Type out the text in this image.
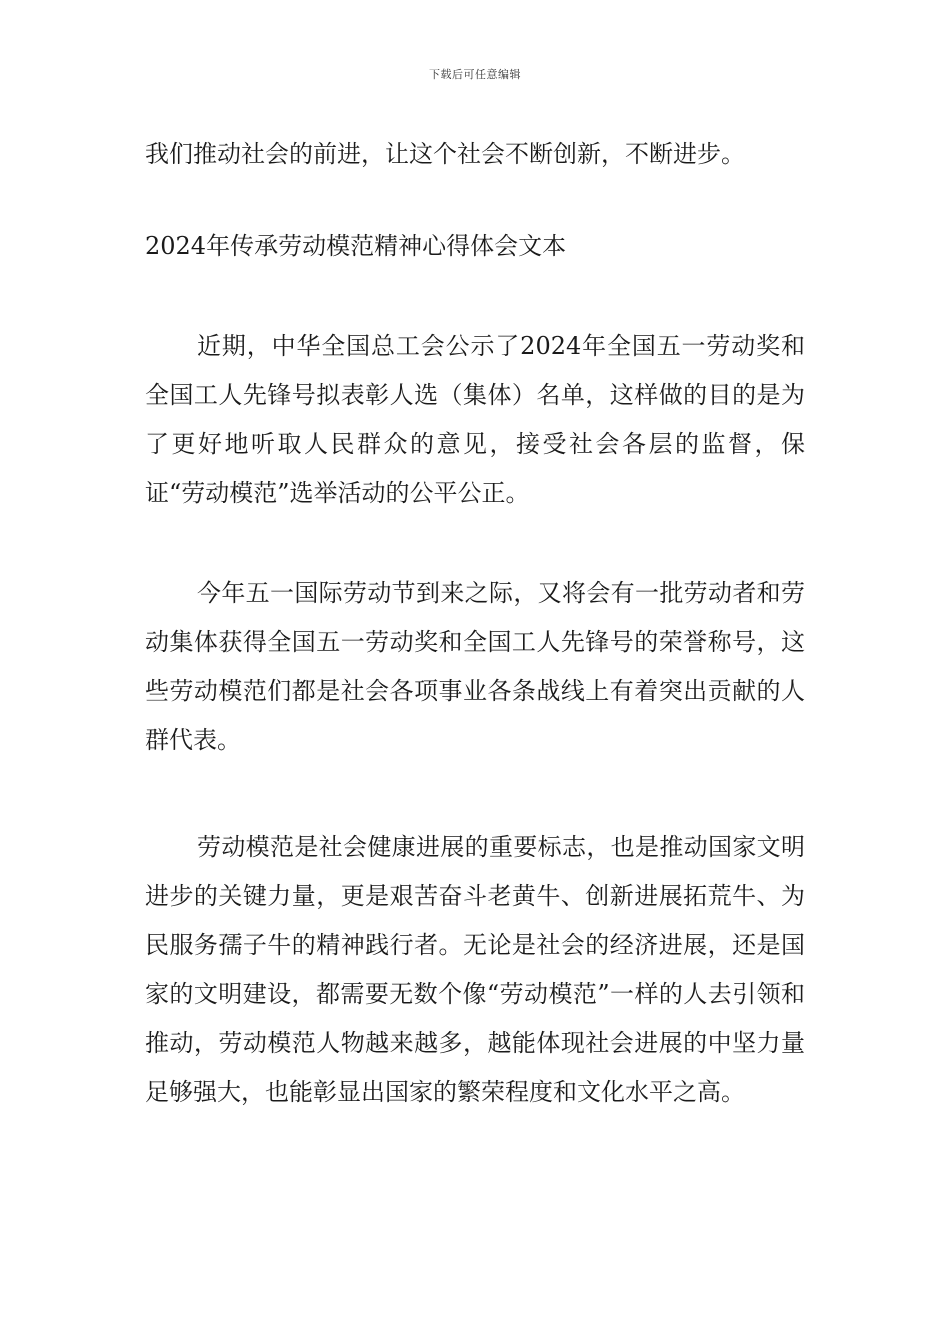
下载后可任意编辑

我们推动社会的前进，让这个社会不断创新，不断进步。

2024年传承劳动模范精神心得体会文本

近期，中华全国总工会公示了2024年全国五一劳动奖和全国工人先锋号拟表彰人选（集体）名单，这样做的目的是为了更好地听取人民群众的意见，接受社会各层的监督，保证“劳动模范”选举活动的公平公正。

今年五一国际劳动节到来之际，又将会有一批劳动者和劳动集体获得全国五一劳动奖和全国工人先锋号的荣誉称号，这些劳动模范们都是社会各项事业各条战线上有着突出贡献的人群代表。

劳动模范是社会健康进展的重要标志，也是推动国家文明进步的关键力量，更是艰苦奋斗老黄牛、创新进展拓荒牛、为民服务孺子牛的精神践行者。无论是社会的经济进展，还是国家的文明建设，都需要无数个像“劳动模范”一样的人去引领和推动，劳动模范人物越来越多，越能体现社会进展的中坚力量足够强大，也能彰显出国家的繁荣程度和文化水平之高。
